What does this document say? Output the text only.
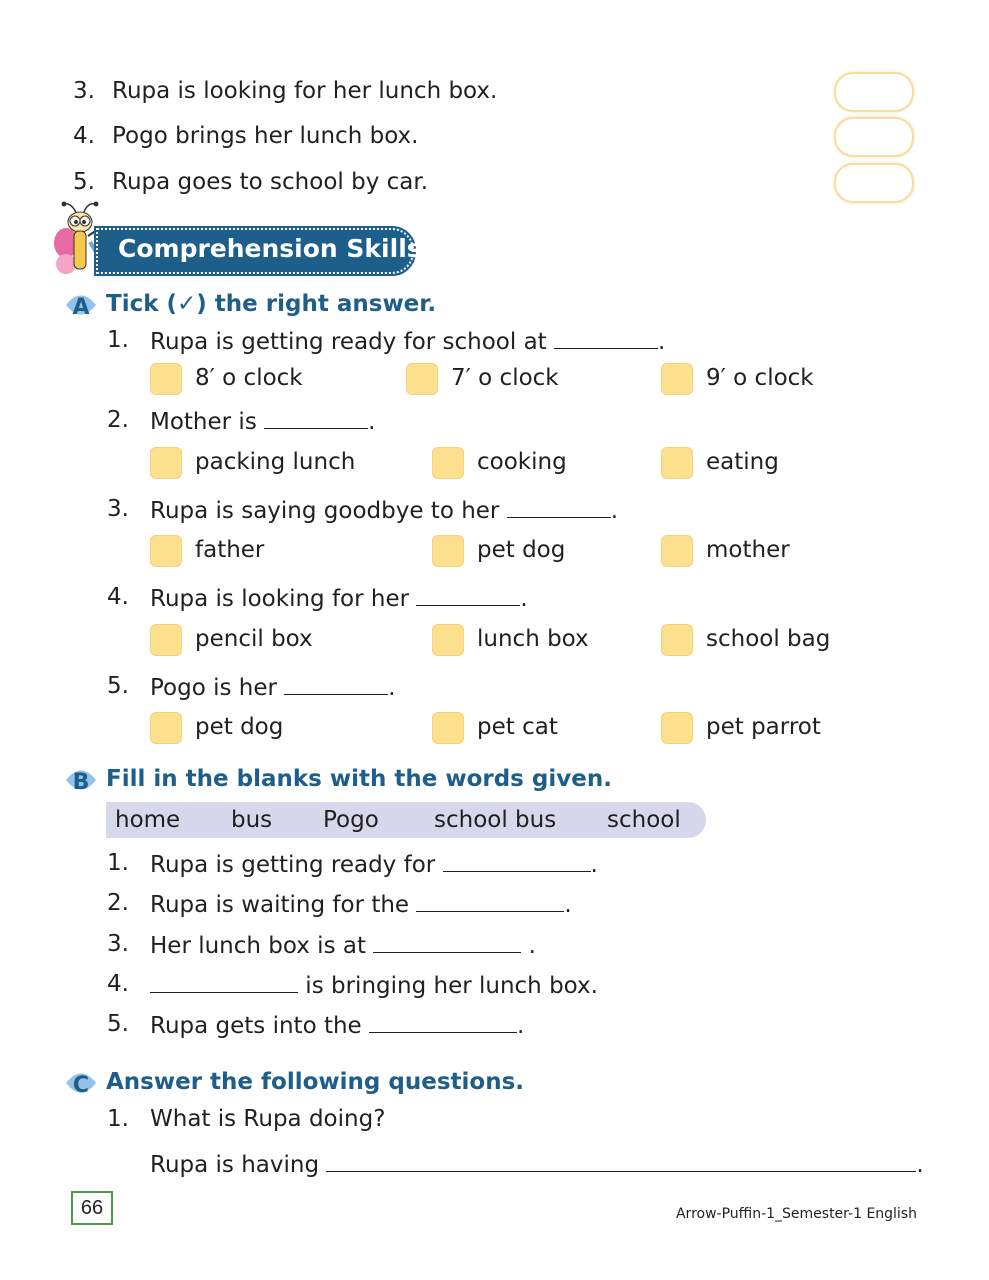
3. Rupa is looking for her lunch box.
4. Pogo brings her lunch box.
5. Rupa goes to school by car.
Comprehension Skills
A Tick (✓) the right answer.
1. Rupa is getting ready for school at	.
8′ o clock	7′ o clock	9′ o clock
2. Mother is	.
packing lunch	cooking	eating
3. Rupa is saying goodbye to her	.
father	pet dog	mother
4. Rupa is looking for her	.
pencil box	lunch box	school bag
5. Pogo is her	.
pet dog	pet cat	pet parrot
B Fill in the blanks with the words given.
home bus Pogo school bus school
1. Rupa is getting ready for	.
2. Rupa is waiting for the	.
3. Her lunch box is at	.
4.	is bringing her lunch box.
5. Rupa gets into the	.
C Answer the following questions.
1. What is Rupa doing?
Rupa is having	.
66	Arrow-Puffin-1_Semester-1 English
